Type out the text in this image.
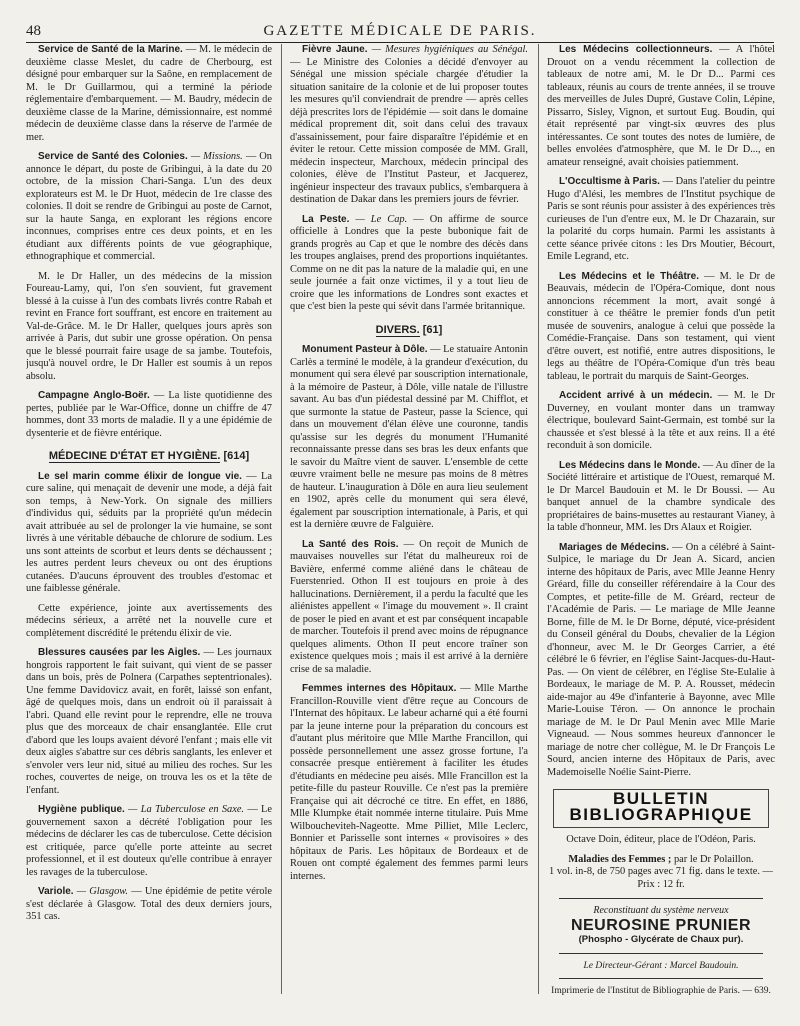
48	GAZETTE MÉDICALE DE PARIS.

Service de Santé de la Marine. — M. le médecin de deuxième classe Meslet, du cadre de Cherbourg, est désigné pour embarquer sur la Saône, en remplacement de M. le Dr Guillarmou, qui a terminé la période réglementaire d'embarquement. — M. Baudry, médecin de deuxième classe de la Marine, démissionnaire, est nommé médecin de deuxième classe dans la réserve de l'armée de mer.

Service de Santé des Colonies. — Missions. — On annonce le départ, du poste de Gribingui, à la date du 20 octobre, de la mission Chari-Sanga. L'un des deux explorateurs est M. le Dr Huot, médecin de 1re classe des colonies. Il doit se rendre de Gribingui au poste de Carnot, sur la haute Sanga, en explorant les régions encore inconnues, comprises entre ces deux points, et en les étudiant aux différents points de vue géographique, ethnographique et commercial.

M. le Dr Haller, un des médecins de la mission Foureau-Lamy, qui, l'on s'en souvient, fut gravement blessé à la cuisse à l'un des combats livrés contre Rabah et revint en France fort souffrant, est encore en traitement au Val-de-Grâce. M. le Dr Haller, quelques jours après son arrivée à Paris, dut subir une grosse opération. On pensa que le blessé pourrait faire usage de sa jambe. Toutefois, jusqu'à nouvel ordre, le Dr Haller est soumis à un repos absolu.

Campagne Anglo-Boër. — La liste quotidienne des pertes, publiée par le War-Office, donne un chiffre de 47 hommes, dont 33 morts de maladie. Il y a une épidémie de dysenterie et de fièvre entérique.

MÉDECINE D'ÉTAT ET HYGIÈNE. [614]

Le sel marin comme élixir de longue vie. — La cure saline, qui menaçait de devenir une mode, a déjà fait son temps, à New-York. On signale des milliers d'individus qui, séduits par la propriété qu'un médecin avait attribuée au sel de prolonger la vie humaine, se sont livrés à une véritable débauche de chlorure de sodium. Les uns sont atteints de scorbut et leurs dents se déchaussent ; les autres perdent leurs cheveux ou ont des éruptions cutanées. D'aucuns éprouvent des troubles d'estomac et une faiblesse générale.

Cette expérience, jointe aux avertissements des médecins sérieux, a arrêté net la nouvelle cure et complètement discrédité le prétendu élixir de vie.

Blessures causées par les Aigles. — Les journaux hongrois rapportent le fait suivant, qui vient de se passer dans un bois, près de Polnera (Carpathes septentrionales). Une femme Davidovicz avait, en forêt, laissé son enfant, âgé de quelques mois, dans un endroit où il paraissait à l'abri. Quand elle revint pour le reprendre, elle ne trouva plus que des morceaux de chair ensanglantée. Elle crut d'abord que les loups avaient dévoré l'enfant ; mais elle vit deux aigles s'abattre sur ces débris sanglants, les enlever et s'envoler vers leur nid, situé au milieu des roches. Sur les roches, couvertes de neige, on trouva les os et la tête de l'enfant.

Hygiène publique. — La Tuberculose en Saxe. — Le gouvernement saxon a décrété l'obligation pour les médecins de déclarer les cas de tuberculose. Cette décision est critiquée, parce qu'elle porte atteinte au secret professionnel, et il est douteux qu'elle contribue à enrayer les ravages de la tuberculose.

Variole. — Glasgow. — Une épidémie de petite vérole s'est déclarée à Glasgow. Total des deux derniers jours, 351 cas.

Fièvre Jaune. — Mesures hygiéniques au Sénégal. — Le Ministre des Colonies a décidé d'envoyer au Sénégal une mission spéciale chargée d'étudier la situation sanitaire de la colonie et de lui proposer toutes les mesures qu'il conviendrait de prendre — après celles déjà prescrites lors de l'épidémie — soit dans le domaine médical proprement dit, soit dans celui des travaux d'assainissement, pour faire disparaître l'épidémie et en éviter le retour. Cette mission composée de MM. Grall, médecin inspecteur, Marchoux, médecin principal des colonies, élève de l'Institut Pasteur, et Jacquerez, ingénieur inspecteur des travaux publics, s'embarquera à destination de Dakar dans les premiers jours de février.

La Peste. — Le Cap. — On affirme de source officielle à Londres que la peste bubonique fait de grands progrès au Cap et que le nombre des décès dans les troupes anglaises, prend des proportions inquiétantes. Comme on ne dit pas la nature de la maladie qui, en une seule journée a fait onze victimes, il y a tout lieu de croire que les informations de Londres sont exactes et que c'est bien la peste qui sévit dans l'armée britannique.

DIVERS. [61]

Monument Pasteur à Dôle. — Le statuaire Antonin Carlès a terminé le modèle, à la grandeur d'exécution, du monument qui sera élevé par souscription internationale, à la mémoire de Pasteur, à Dôle, ville natale de l'illustre savant. Au bas d'un piédestal dessiné par M. Chifflot, et que surmonte la statue de Pasteur, passe la Science, qui dans un mouvement d'élan élève une couronne, tandis qu'assise sur les degrés du monument l'Humanité reconnaissante presse dans ses bras les deux enfants que le savoir du Maître vient de sauver. L'ensemble de cette œuvre vraiment belle ne mesure pas moins de 8 mètres de hauteur. L'inauguration à Dôle en aura lieu seulement en 1902, après celle du monument qui sera élevé, également par souscription internationale, à Paris, et qui est la dernière œuvre de Falguière.

La Santé des Rois. — On reçoit de Munich de mauvaises nouvelles sur l'état du malheureux roi de Bavière, enfermé comme aliéné dans le château de Fuerstenried. Othon II est toujours en proie à des hallucinations. Dernièrement, il a perdu la faculté que les aliénistes appellent « l'image du mouvement ». Il craint de poser le pied en avant et est par conséquent incapable de marcher. Toutefois il prend avec moins de répugnance quelques aliments. Othon II peut encore traîner son existence quelques mois ; mais il est arrivé à la dernière crise de sa maladie.

Femmes internes des Hôpitaux. — Mlle Marthe Francillon-Rouville vient d'être reçue au Concours de l'Internat des hôpitaux. Le labeur acharné qui a été fourni par la jeune interne pour la préparation du concours est d'autant plus méritoire que Mlle Marthe Francillon, qui possède personnellement une assez grosse fortune, l'a consacrée presque entièrement à faciliter les études d'étudiants en médecine peu aisés. Mlle Francillon est la petite-fille du pasteur Rouville. Ce n'est pas la première Française qui ait décroché ce titre. En effet, en 1886, Mlle Klumpke était nommée interne titulaire. Puis Mme Wilboucheviteh-Nageotte. Mme Pilliet, Mlle Leclerc, Bonnier et Parisselle sont internes « provisoires » des hôpitaux de Paris. Les hôpitaux de Bordeaux et de Rouen ont compté également des femmes parmi leurs internes.

Les Médecins collectionneurs. — A l'hôtel Drouot on a vendu récemment la collection de tableaux de notre ami, M. le Dr D... Parmi ces tableaux, réunis au cours de trente années, il se trouve des merveilles de Jules Dupré, Gustave Colin, Lépine, Pissarro, Sisley, Vignon, et surtout Eug. Boudin, qui était représenté par vingt-six œuvres des plus intéressantes. Ce sont toutes des notes de lumière, de belles envolées d'atmosphère, que M. le Dr D..., en amateur renseigné, avait choisies patiemment.

L'Occultisme à Paris. — Dans l'atelier du peintre Hugo d'Alési, les membres de l'Institut psychique de Paris se sont réunis pour assister à des expériences très curieuses de l'un d'entre eux, M. le Dr Chazarain, sur la polarité du corps humain. Parmi les assistants à cette séance privée citons : les Drs Moutier, Bécourt, Emile Legrand, etc.

Les Médecins et le Théâtre. — M. le Dr de Beauvais, médecin de l'Opéra-Comique, dont nous annoncions récemment la mort, avait songé à constituer à ce théâtre le premier fonds d'un petit musée de souvenirs, analogue à celui que possède la Comédie-Française. Dans son testament, qui vient d'être ouvert, est notifié, entre autres dispositions, le legs au théâtre de l'Opéra-Comique d'un très beau tableau, le portrait du marquis de Saint-Georges.

Accident arrivé à un médecin. — M. le Dr Duverney, en voulant monter dans un tramway électrique, boulevard Saint-Germain, est tombé sur la chaussée et s'est blessé à la tête et aux reins. Il a été reconduit à son domicile.

Les Médecins dans le Monde. — Au dîner de la Société littéraire et artistique de l'Ouest, remarqué M. le Dr Marcel Baudouin et M. le Dr Boussi. — Au banquet annuel de la chambre syndicale des propriétaires de bains-musettes au restaurant Vianey, à la table d'honneur, MM. les Drs Alaux et Roigier.

Mariages de Médecins. — On a célébré à Saint-Sulpice, le mariage du Dr Jean A. Sicard, ancien interne des hôpitaux de Paris, avec Mlle Jeanne Henry Gréard, fille du conseiller référendaire à la Cour des Comptes, et petite-fille de M. Gréard, recteur de l'Académie de Paris. — Le mariage de Mlle Jeanne Borne, fille de M. le Dr Borne, député, vice-président du Conseil général du Doubs, chevalier de la Légion d'honneur, avec M. le Dr Georges Carrier, a été célébré le 6 février, en l'église Saint-Jacques-du-Haut-Pas. — On vient de célébrer, en l'église Ste-Eulalie à Bordeaux, le mariage de M. P. A. Rousset, médecin aide-major au 49e d'infanterie à Bayonne, avec Mlle Marie-Louise Téron. — On annonce le prochain mariage de M. le Dr Paul Menin avec Mlle Marie Vigneaud. — Nous sommes heureux d'annoncer le mariage de notre cher collègue, M. le Dr François Le Sourd, ancien interne des Hôpitaux de Paris, avec Mademoiselle Noélie Saint-Pierre.

BULLETIN BIBLIOGRAPHIQUE

Octave Doin, éditeur, place de l'Odéon, Paris.

Maladies des Femmes ; par le Dr Polaillon.
1 vol. in-8, de 750 pages avec 71 fig. dans le texte. — Prix : 12 fr.

Reconstituant du système nerveux
NEUROSINE PRUNIER
(Phospho - Glycérate de Chaux pur).
Le Directeur-Gérant : Marcel Baudouin.
Imprimerie de l'Institut de Bibliographie de Paris. — 639.
